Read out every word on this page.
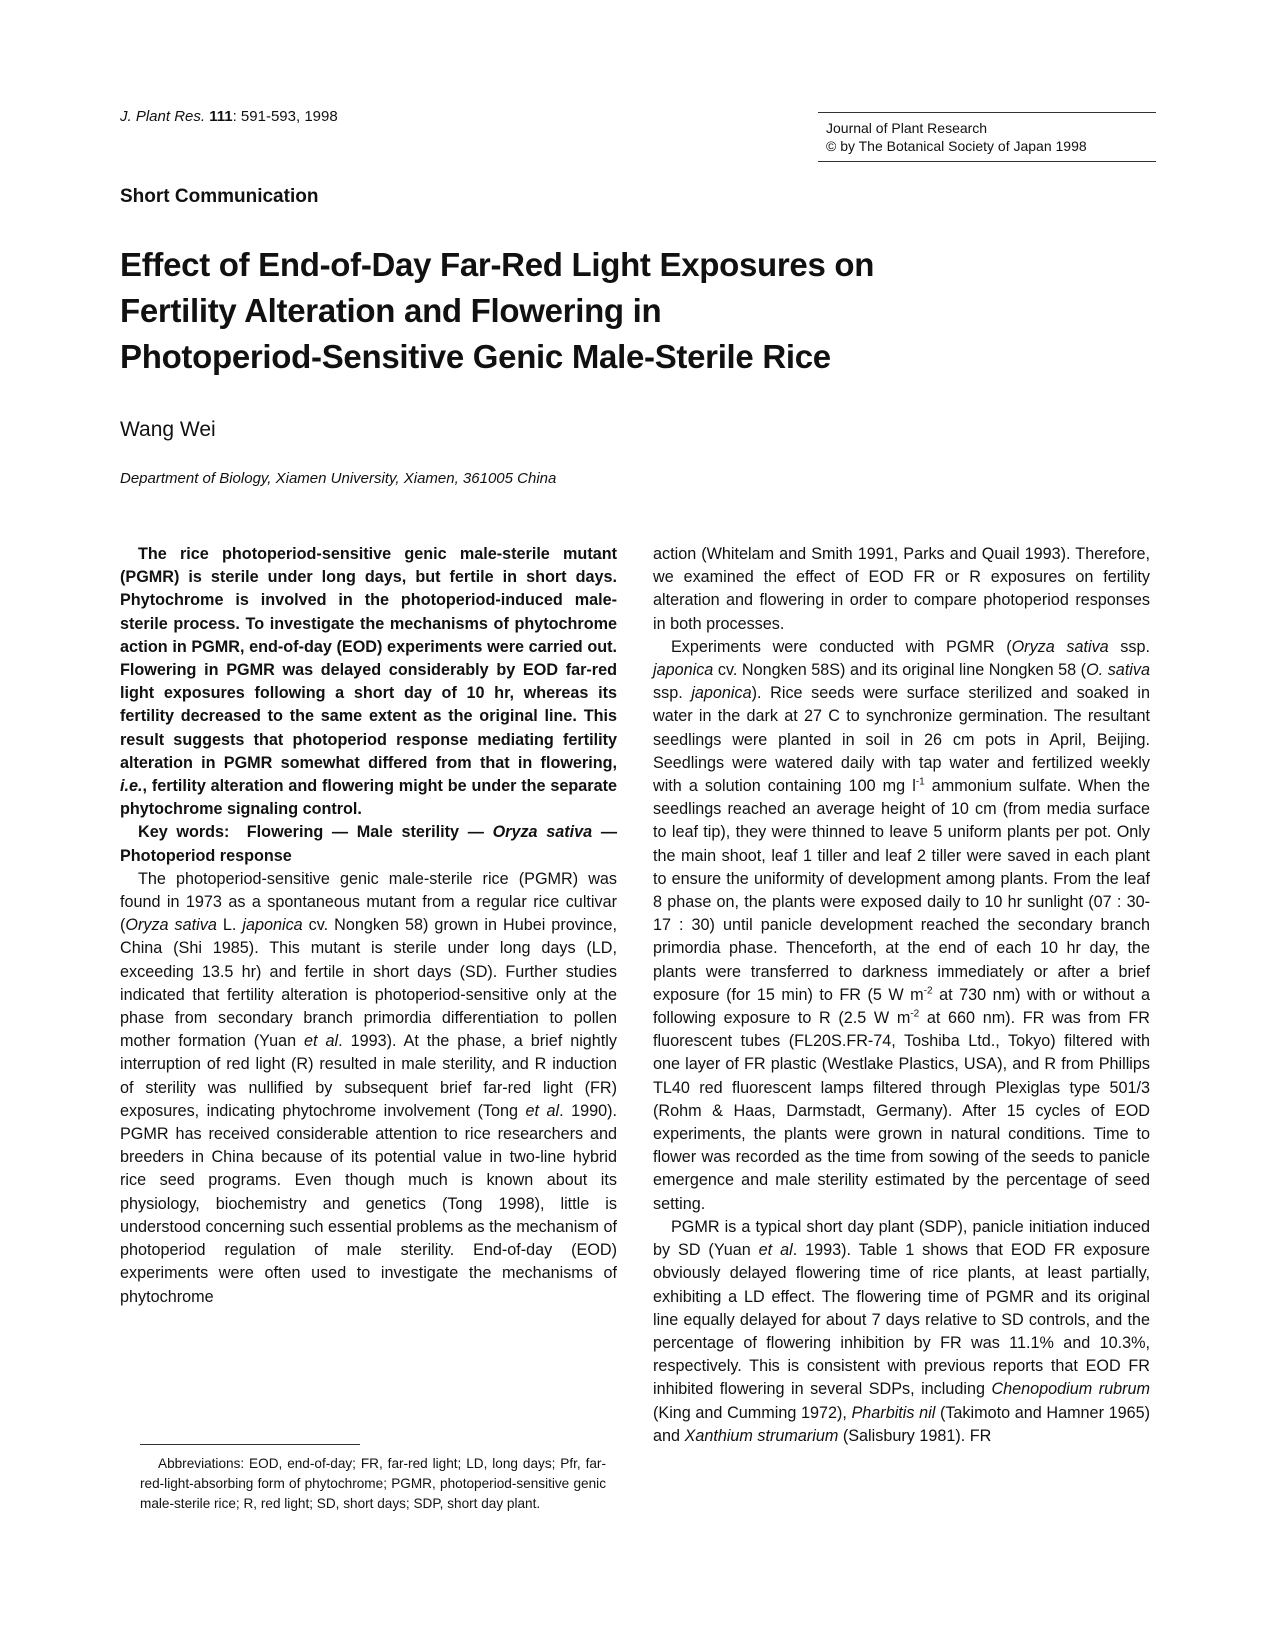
J. Plant Res. 111: 591-593, 1998
Journal of Plant Research
© by The Botanical Society of Japan 1998
Short Communication
Effect of End-of-Day Far-Red Light Exposures on
Fertility Alteration and Flowering in
Photoperiod-Sensitive Genic Male-Sterile Rice
Wang Wei
Department of Biology, Xiamen University, Xiamen, 361005 China

The rice photoperiod-sensitive genic male-sterile mutant (PGMR) is sterile under long days, but fertile in short days. Phytochrome is involved in the photoperiod-induced male-sterile process. To investigate the mechanisms of phytochrome action in PGMR, end-of-day (EOD) experiments were carried out. Flowering in PGMR was delayed considerably by EOD far-red light exposures following a short day of 10 hr, whereas its fertility decreased to the same extent as the original line. This result suggests that photoperiod response mediating fertility alteration in PGMR somewhat differed from that in flowering, i.e., fertility alteration and flowering might be under the separate phytochrome signaling control.

Key words: Flowering — Male sterility — Oryza sativa — Photoperiod response

The photoperiod-sensitive genic male-sterile rice (PGMR) was found in 1973 as a spontaneous mutant from a regular rice cultivar (Oryza sativa L. japonica cv. Nongken 58) grown in Hubei province, China (Shi 1985). This mutant is sterile under long days (LD, exceeding 13.5 hr) and fertile in short days (SD). Further studies indicated that fertility alteration is photoperiod-sensitive only at the phase from secondary branch primordia differentiation to pollen mother formation (Yuan et al. 1993). At the phase, a brief nightly interruption of red light (R) resulted in male sterility, and R induction of sterility was nullified by subsequent brief far-red light (FR) exposures, indicating phytochrome involvement (Tong et al. 1990). PGMR has received considerable attention to rice researchers and breeders in China because of its potential value in two-line hybrid rice seed programs. Even though much is known about its physiology, biochemistry and genetics (Tong 1998), little is understood concerning such essential problems as the mechanism of photoperiod regulation of male sterility. End-of-day (EOD) experiments were often used to investigate the mechanisms of phytochrome

Abbreviations: EOD, end-of-day; FR, far-red light; LD, long days; Pfr, far-red-light-absorbing form of phytochrome; PGMR, photoperiod-sensitive genic male-sterile rice; R, red light; SD, short days; SDP, short day plant.

action (Whitelam and Smith 1991, Parks and Quail 1993). Therefore, we examined the effect of EOD FR or R exposures on fertility alteration and flowering in order to compare photoperiod responses in both processes.

Experiments were conducted with PGMR (Oryza sativa ssp. japonica cv. Nongken 58S) and its original line Nongken 58 (O. sativa ssp. japonica). Rice seeds were surface sterilized and soaked in water in the dark at 27 C to synchronize germination. The resultant seedlings were planted in soil in 26 cm pots in April, Beijing. Seedlings were watered daily with tap water and fertilized weekly with a solution containing 100 mg $l^{-1}$ ammonium sulfate. When the seedlings reached an average height of 10 cm (from media surface to leaf tip), they were thinned to leave 5 uniform plants per pot. Only the main shoot, leaf 1 tiller and leaf 2 tiller were saved in each plant to ensure the uniformity of development among plants. From the leaf 8 phase on, the plants were exposed daily to 10 hr sunlight (07 : 30-17 : 30) until panicle development reached the secondary branch primordia phase. Thenceforth, at the end of each 10 hr day, the plants were transferred to darkness immediately or after a brief exposure (for 15 min) to FR (5 W $m^{-2}$ at 730 nm) with or without a following exposure to R (2.5 W $m^{-2}$ at 660 nm). FR was from FR fluorescent tubes (FL20S.FR-74, Toshiba Ltd., Tokyo) filtered with one layer of FR plastic (Westlake Plastics, USA), and R from Phillips TL40 red fluorescent lamps filtered through Plexiglas type 501/3 (Rohm & Haas, Darmstadt, Germany). After 15 cycles of EOD experiments, the plants were grown in natural conditions. Time to flower was recorded as the time from sowing of the seeds to panicle emergence and male sterility estimated by the percentage of seed setting.

PGMR is a typical short day plant (SDP), panicle initiation induced by SD (Yuan et al. 1993). Table 1 shows that EOD FR exposure obviously delayed flowering time of rice plants, at least partially, exhibiting a LD effect. The flowering time of PGMR and its original line equally delayed for about 7 days relative to SD controls, and the percentage of flowering inhibition by FR was 11.1% and 10.3%, respectively. This is consistent with previous reports that EOD FR inhibited flowering in several SDPs, including Chenopodium rubrum (King and Cumming 1972), Pharbitis nil (Takimoto and Hamner 1965) and Xanthium strumarium (Salisbury 1981). FR
